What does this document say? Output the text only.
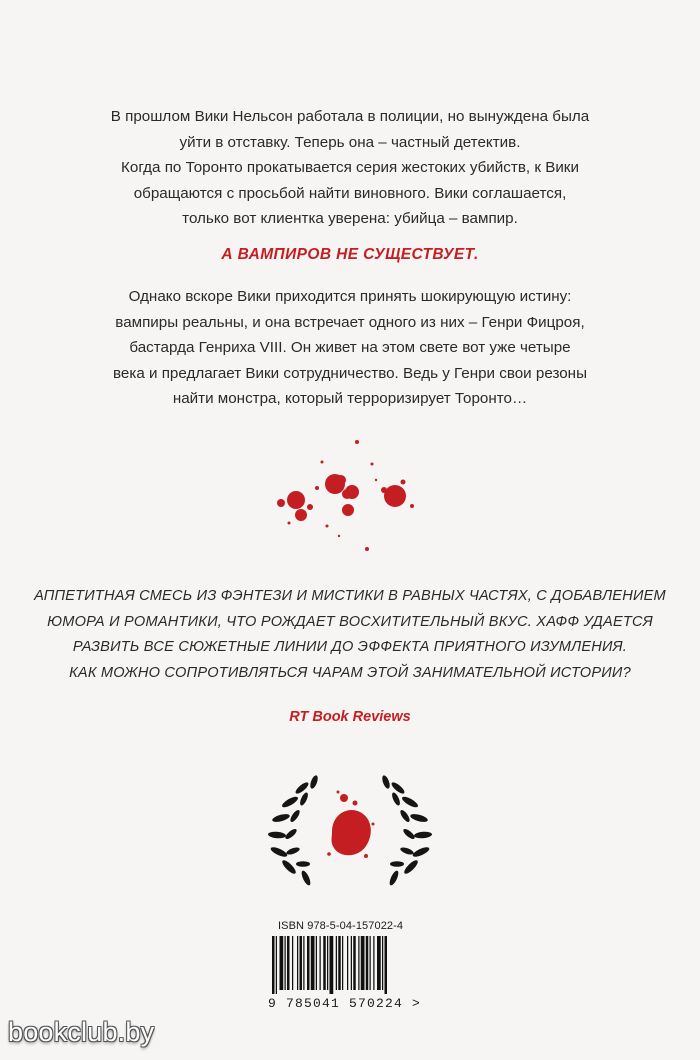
В прошлом Вики Нельсон работала в полиции, но вынуждена была
уйти в отставку. Теперь она – частный детектив.
Когда по Торонто прокатывается серия жестоких убийств, к Вики
обращаются с просьбой найти виновного. Вики соглашается,
только вот клиентка уверена: убийца – вампир.
А ВАМПИРОВ НЕ СУЩЕСТВУЕТ.
Однако вскоре Вики приходится принять шокирующую истину:
вампиры реальны, и она встречает одного из них – Генри Фицроя,
бастарда Генриха VIII. Он живет на этом свете вот уже четыре
века и предлагает Вики сотрудничество. Ведь у Генри свои резоны
найти монстра, который терроризирует Торонто…
АППЕТИТНАЯ СМЕСЬ ИЗ ФЭНТЕЗИ И МИСТИКИ В РАВНЫХ ЧАСТЯХ, С ДОБАВЛЕНИЕМ
ЮМОРА И РОМАНТИКИ, ЧТО РОЖДАЕТ ВОСХИТИТЕЛЬНЫЙ ВКУС. ХАФФ УДАЕТСЯ
РАЗВИТЬ ВСЕ СЮЖЕТНЫЕ ЛИНИИ ДО ЭФФЕКТА ПРИЯТНОГО ИЗУМЛЕНИЯ.
КАК МОЖНО СОПРОТИВЛЯТЬСЯ ЧАРАМ ЭТОЙ ЗАНИМАТЕЛЬНОЙ ИСТОРИИ?
RT Book Reviews
ISBN 978-5-04-157022-4
9 785041 570224 >
bookclub.by
